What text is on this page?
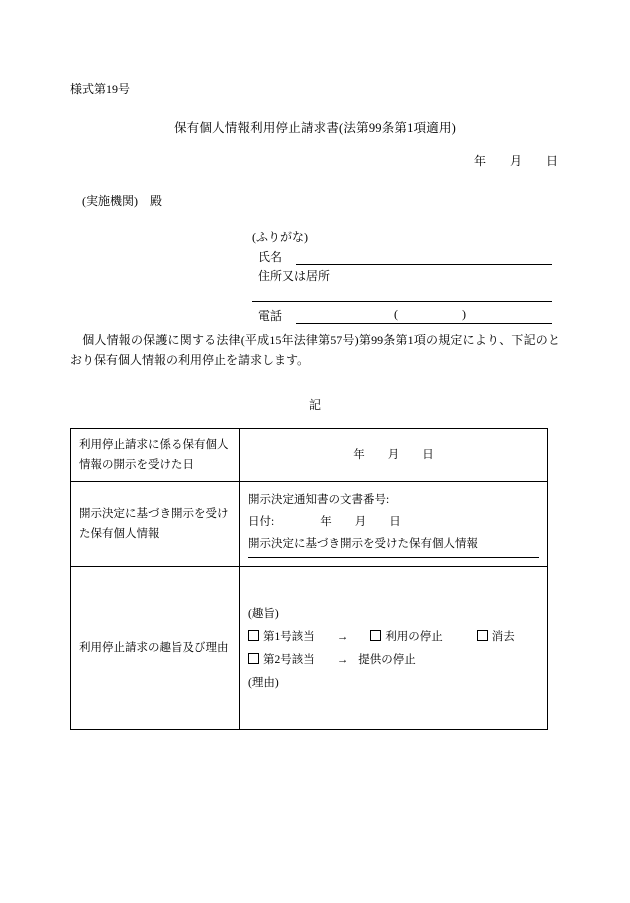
様式第19号
保有個人情報利用停止請求書(法第99条第1項適用)
年        月        日
(実施機関)    殿
(ふりがな)
氏名
住所又は居所
電話	(	)
個人情報の保護に関する法律(平成15年法律第57号)第99条第1項の規定により、下記のとおり保有個人情報の利用停止を請求します。
記
利用停止請求に係る保有個人情報の開示を受けた日	年        月        日
開示決定に基づき開示を受けた保有個人情報	開示決定通知書の文書番号:
日付:                年        月        日
開示決定に基づき開示を受けた保有個人情報

利用停止請求の趣旨及び理由	(趣旨)
第1号該当 → 利用の停止 消去
第2号該当 → 提供の停止
(理由)
